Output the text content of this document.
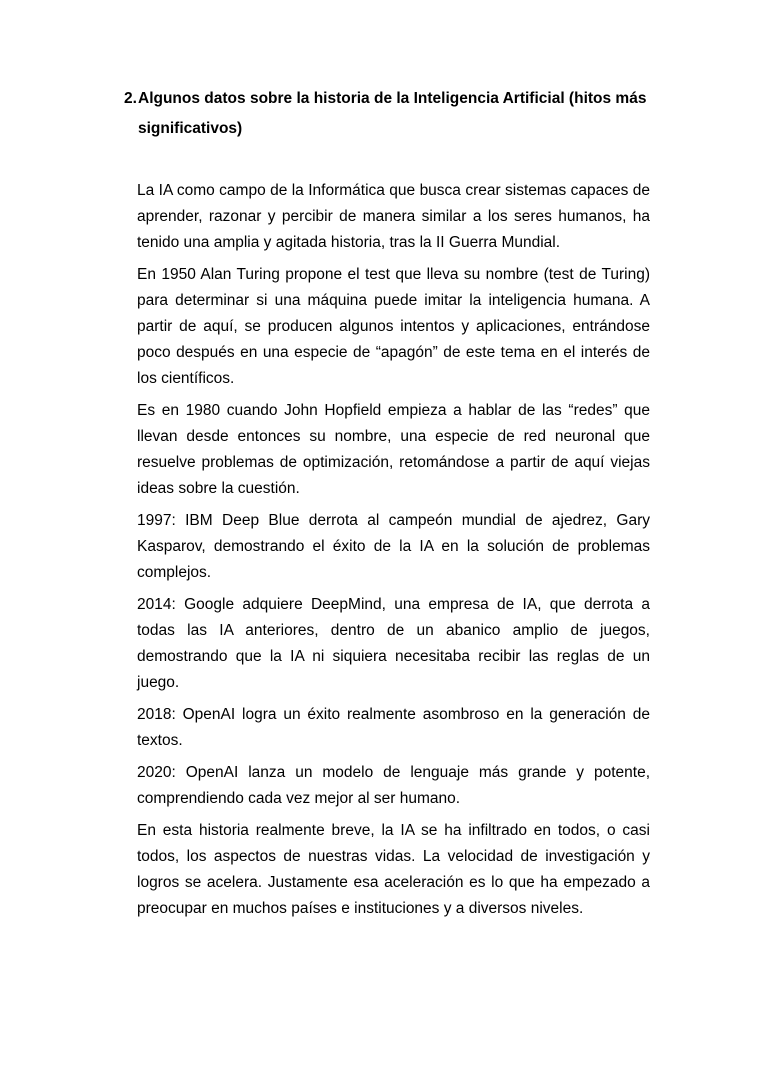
2. Algunos datos sobre la historia de la Inteligencia Artificial (hitos más significativos)

La IA como campo de la Informática que busca crear sistemas capaces de aprender, razonar y percibir de manera similar a los seres humanos, ha tenido una amplia y agitada historia, tras la II Guerra Mundial.

En 1950 Alan Turing propone el test que lleva su nombre (test de Turing) para determinar si una máquina puede imitar la inteligencia humana. A partir de aquí, se producen algunos intentos y aplicaciones, entrándose poco después en una especie de “apagón” de este tema en el interés de los científicos.

Es en 1980 cuando John Hopfield empieza a hablar de las “redes” que llevan desde entonces su nombre, una especie de red neuronal que resuelve problemas de optimización, retomándose a partir de aquí viejas ideas sobre la cuestión.

1997: IBM Deep Blue derrota al campeón mundial de ajedrez, Gary Kasparov, demostrando el éxito de la IA en la solución de problemas complejos.

2014: Google adquiere DeepMind, una empresa de IA, que derrota a todas las IA anteriores, dentro de un abanico amplio de juegos, demostrando que la IA ni siquiera necesitaba recibir las reglas de un juego.

2018: OpenAI logra un éxito realmente asombroso en la generación de textos.

2020: OpenAI lanza un modelo de lenguaje más grande y potente, comprendiendo cada vez mejor al ser humano.

En esta historia realmente breve, la IA se ha infiltrado en todos, o casi todos, los aspectos de nuestras vidas. La velocidad de investigación y logros se acelera. Justamente esa aceleración es lo que ha empezado a preocupar en muchos países e instituciones y a diversos niveles.
